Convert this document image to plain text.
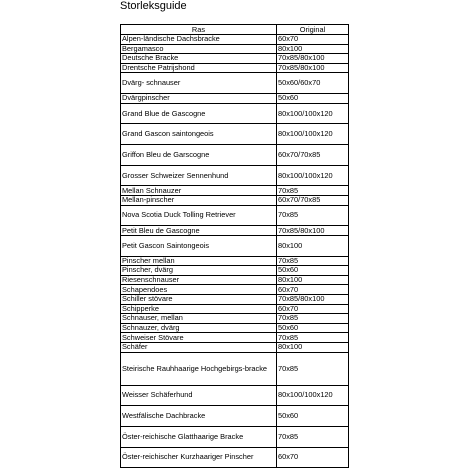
Storleksguide
Ras	Original
Alpen-ländische Dachsbracke	60x70
Bergamasco	80x100
Deutsche Bracke	70x85/80x100
Drentsche Patrijshond	70x85/80x100
Dvärg- schnauser	50x60/60x70
Dvärgpinscher	50x60
Grand Blue de Gascogne	80x100/100x120
Grand Gascon saintongeois	80x100/100x120
Griffon Bleu de Garscogne	60x70/70x85
Grosser Schweizer Sennenhund	80x100/100x120
Mellan Schnauzer	70x85
Mellan-pinscher	60x70/70x85
Nova Scotia Duck Tolling Retriever	70x85
Petit Bleu de Gascogne	70x85/80x100
Petit Gascon Saintongeois	80x100
Pinscher mellan	70x85
Pinscher, dvärg	50x60
Riesenschnauser	80x100
Schapendoes	60x70
Schiller stövare	70x85/80x100
Schipperke	60x70
Schnauser, mellan	70x85
Schnauzer, dvärg	50x60
Schweiser Stövare	70x85
Schäfer	80x100
Steirische Rauhhaarige Hochgebirgs-bracke	70x85
Weisser Schäferhund	80x100/100x120
Westfälische Dachbracke	50x60
Öster-reichische Glatthaarige Bracke	70x85
Öster-reichischer Kurzhaariger Pinscher	60x70
